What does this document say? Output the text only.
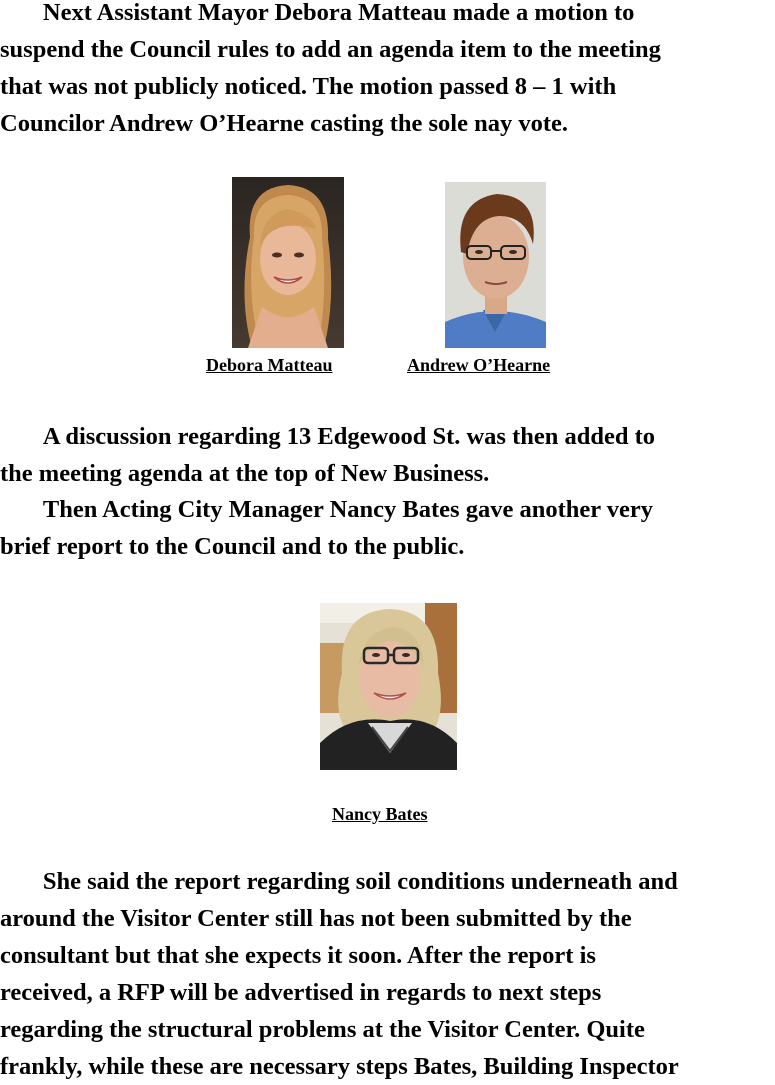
Next Assistant Mayor Debora Matteau made a motion to
suspend the Council rules to add an agenda item to the meeting
that was not publicly noticed. The motion passed 8 – 1 with
Councilor Andrew O’Hearne casting the sole nay vote.

Debora Matteau	Andrew O’Hearne

A discussion regarding 13 Edgewood St. was then added to
the meeting agenda at the top of New Business.

Then Acting City Manager Nancy Bates gave another very
brief report to the Council and to the public.

Nancy Bates

She said the report regarding soil conditions underneath and
around the Visitor Center still has not been submitted by the
consultant but that she expects it soon. After the report is
received, a RFP will be advertised in regards to next steps
regarding the structural problems at the Visitor Center. Quite
frankly, while these are necessary steps Bates, Building Inspector
